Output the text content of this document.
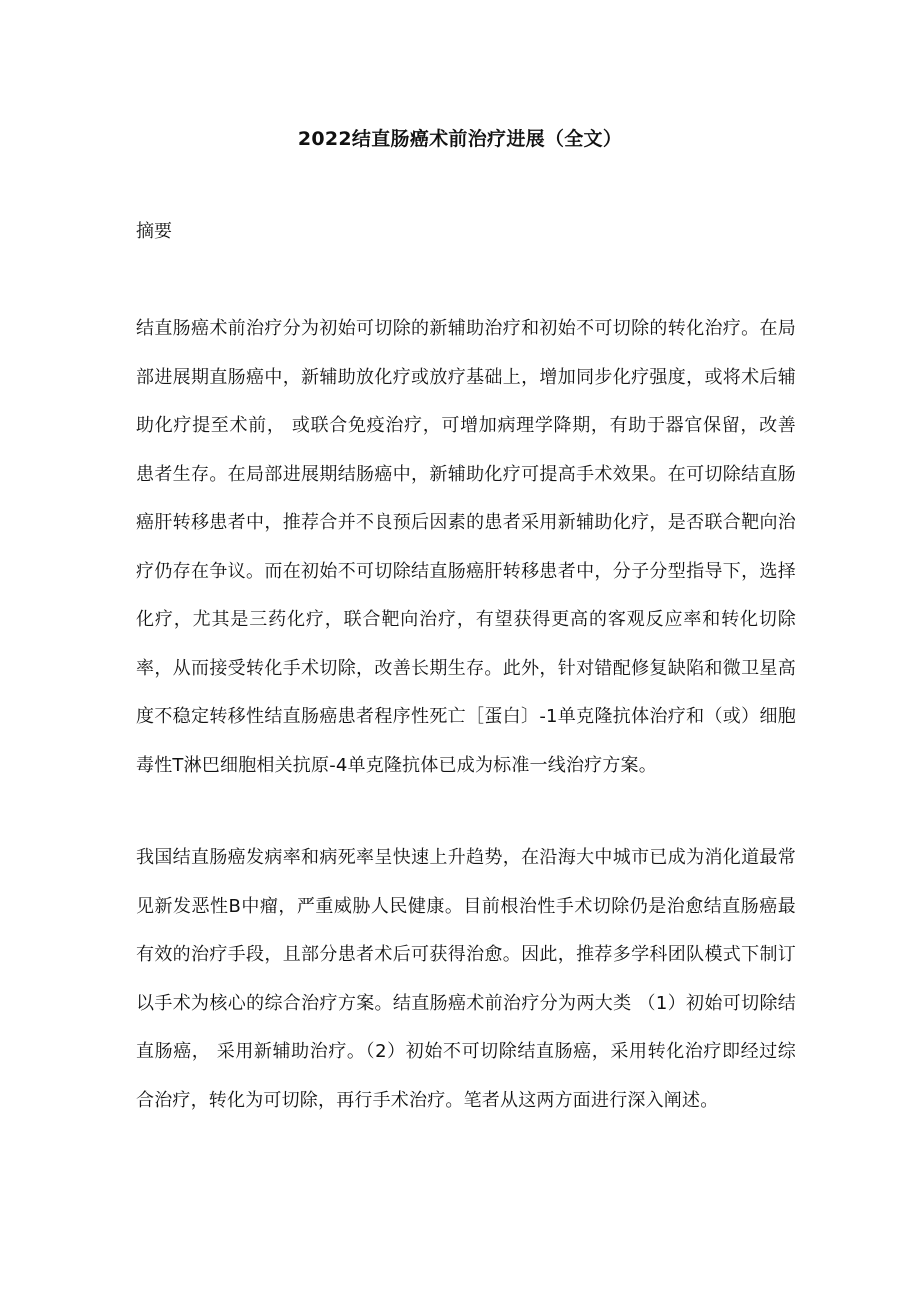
2022结直肠癌术前治疗进展（全文）
摘要

结直肠癌术前治疗分为初始可切除的新辅助治疗和初始不可切除的转化治疗。在局部进展期直肠癌中，新辅助放化疗或放疗基础上，增加同步化疗强度，或将术后辅助化疗提至术前， 或联合免疫治疗，可增加病理学降期，有助于器官保留，改善患者生存。在局部进展期结肠癌中，新辅助化疗可提高手术效果。在可切除结直肠癌肝转移患者中，推荐合并不良预后因素的患者采用新辅助化疗，是否联合靶向治疗仍存在争议。而在初始不可切除结直肠癌肝转移患者中，分子分型指导下，选择化疗，尤其是三药化疗，联合靶向治疗，有望获得更高的客观反应率和转化切除率，从而接受转化手术切除，改善长期生存。此外，针对错配修复缺陷和微卫星高度不稳定转移性结直肠癌患者程序性死亡［蛋白〕-1单克隆抗体治疗和（或）细胞毒性T淋巴细胞相关抗原-4单克隆抗体已成为标准一线治疗方案。

我国结直肠癌发病率和病死率呈快速上升趋势，在沿海大中城市已成为消化道最常见新发恶性B中瘤，严重威胁人民健康。目前根治性手术切除仍是治愈结直肠癌最有效的治疗手段，且部分患者术后可获得治愈。因此，推荐多学科团队模式下制订以手术为核心的综合治疗方案。结直肠癌术前治疗分为两大类 （1）初始可切除结直肠癌， 采用新辅助治疗。（2）初始不可切除结直肠癌，采用转化治疗即经过综合治疗，转化为可切除，再行手术治疗。笔者从这两方面进行深入阐述。
